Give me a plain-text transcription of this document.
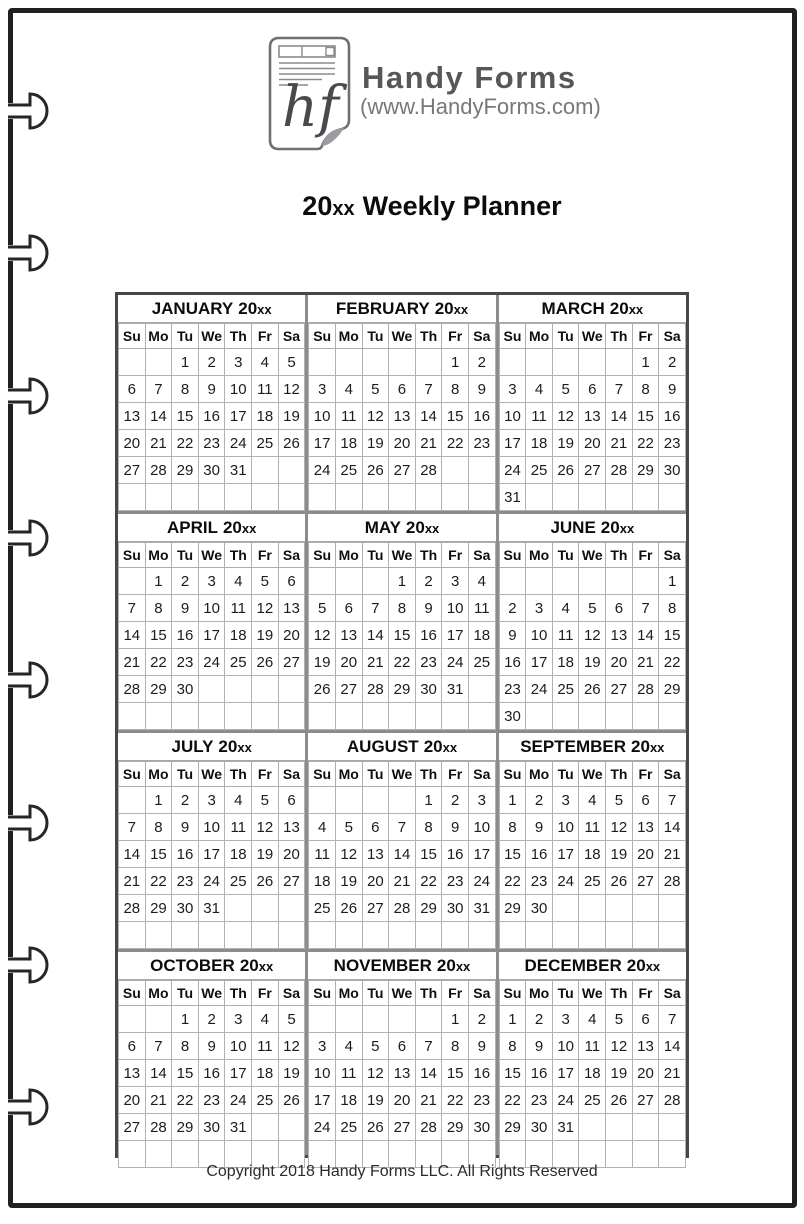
hf Handy Forms
(www.HandyForms.com)
20xx Weekly Planner
JANUARY 20xx
Su	Mo	Tu	We	Th	Fr	Sa
		1	2	3	4	5
6	7	8	9	10	11	12
13	14	15	16	17	18	19
20	21	22	23	24	25	26
27	28	29	30	31		

FEBRUARY 20xx
Su	Mo	Tu	We	Th	Fr	Sa
					1	2
3	4	5	6	7	8	9
10	11	12	13	14	15	16
17	18	19	20	21	22	23
24	25	26	27	28		

MARCH 20xx
Su	Mo	Tu	We	Th	Fr	Sa
					1	2
3	4	5	6	7	8	9
10	11	12	13	14	15	16
17	18	19	20	21	22	23
24	25	26	27	28	29	30
31						
APRIL 20xx
Su	Mo	Tu	We	Th	Fr	Sa
	1	2	3	4	5	6
7	8	9	10	11	12	13
14	15	16	17	18	19	20
21	22	23	24	25	26	27
28	29	30				

MAY 20xx
Su	Mo	Tu	We	Th	Fr	Sa
			1	2	3	4
5	6	7	8	9	10	11
12	13	14	15	16	17	18
19	20	21	22	23	24	25
26	27	28	29	30	31	

JUNE 20xx
Su	Mo	Tu	We	Th	Fr	Sa
						1
2	3	4	5	6	7	8
9	10	11	12	13	14	15
16	17	18	19	20	21	22
23	24	25	26	27	28	29
30						
JULY 20xx
Su	Mo	Tu	We	Th	Fr	Sa
	1	2	3	4	5	6
7	8	9	10	11	12	13
14	15	16	17	18	19	20
21	22	23	24	25	26	27
28	29	30	31			

AUGUST 20xx
Su	Mo	Tu	We	Th	Fr	Sa
				1	2	3
4	5	6	7	8	9	10
11	12	13	14	15	16	17
18	19	20	21	22	23	24
25	26	27	28	29	30	31

SEPTEMBER 20xx
Su	Mo	Tu	We	Th	Fr	Sa
1	2	3	4	5	6	7
8	9	10	11	12	13	14
15	16	17	18	19	20	21
22	23	24	25	26	27	28
29	30					

OCTOBER 20xx
Su	Mo	Tu	We	Th	Fr	Sa
		1	2	3	4	5
6	7	8	9	10	11	12
13	14	15	16	17	18	19
20	21	22	23	24	25	26
27	28	29	30	31		

NOVEMBER 20xx
Su	Mo	Tu	We	Th	Fr	Sa
					1	2
3	4	5	6	7	8	9
10	11	12	13	14	15	16
17	18	19	20	21	22	23
24	25	26	27	28	29	30

DECEMBER 20xx
Su	Mo	Tu	We	Th	Fr	Sa
1	2	3	4	5	6	7
8	9	10	11	12	13	14
15	16	17	18	19	20	21
22	23	24	25	26	27	28
29	30	31				

Copyright 2018 Handy Forms LLC. All Rights Reserved
